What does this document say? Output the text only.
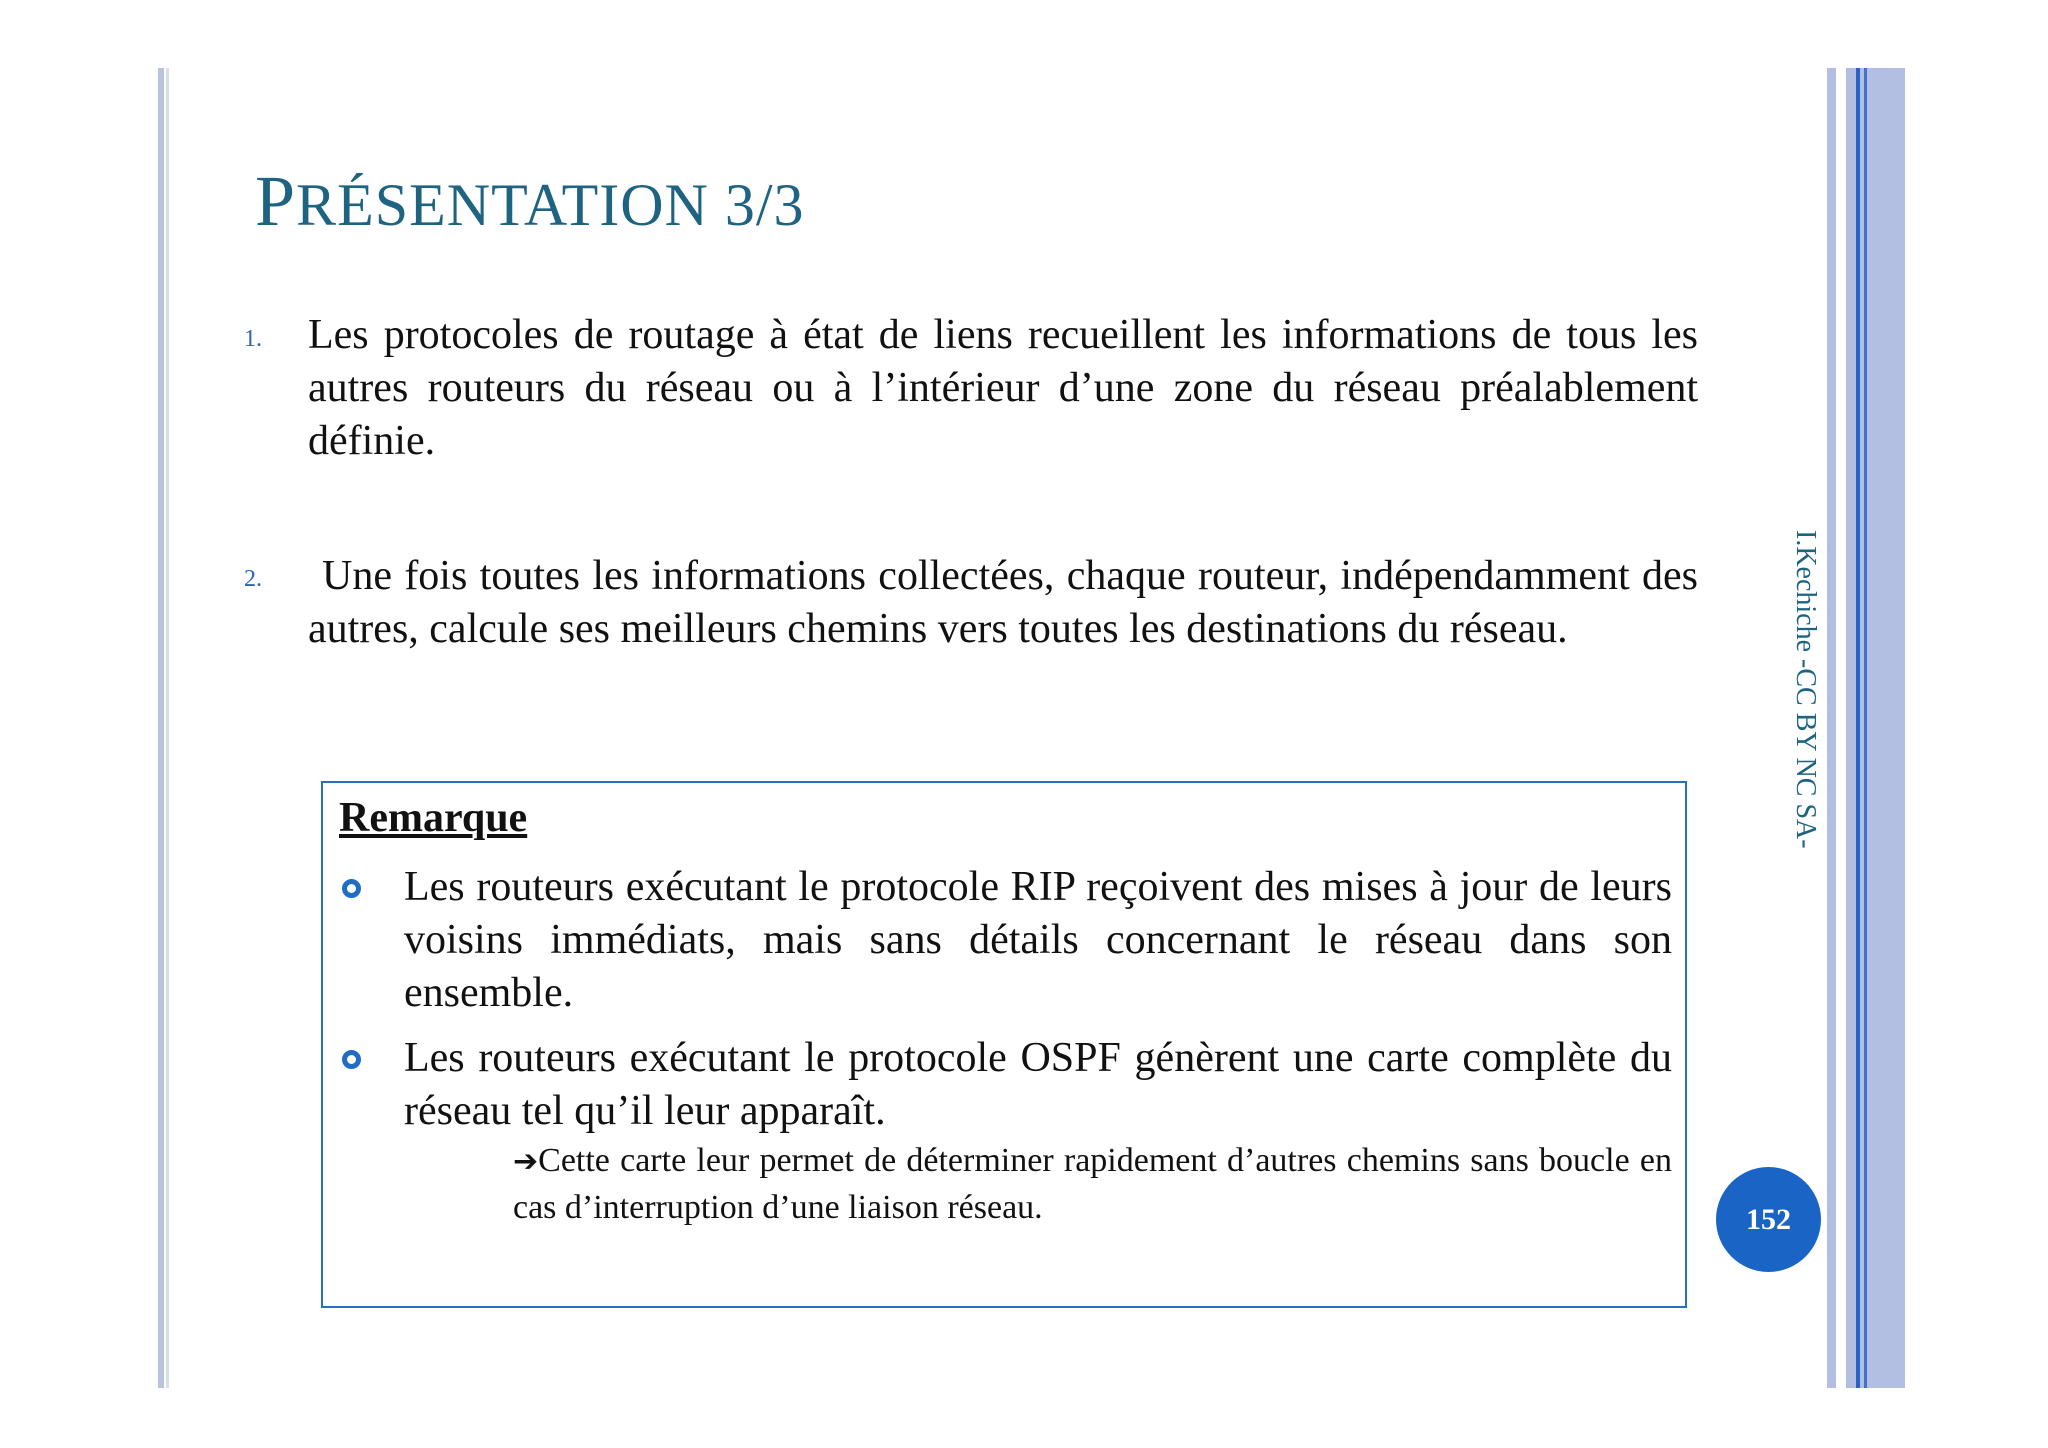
PRÉSENTATION 3/3
1. Les protocoles de routage à état de liens recueillent les informations de tous les autres routeurs du réseau ou à l’intérieur d’une zone du réseau préalablement définie.
2.	Une fois toutes les informations collectées, chaque routeur, indépendamment des autres, calcule ses meilleurs chemins vers toutes les destinations du réseau.
Remarque
Les routeurs exécutant le protocole RIP reçoivent des mises à jour de leurs voisins immédiats, mais sans détails concernant le réseau dans son ensemble.
Les routeurs exécutant le protocole OSPF génèrent une carte complète du réseau tel qu’il leur apparaît.
➔Cette carte leur permet de déterminer rapidement d’autres chemins sans boucle en cas d’interruption d’une liaison réseau.
I.Kechiche -CC BY NC SA-
152
